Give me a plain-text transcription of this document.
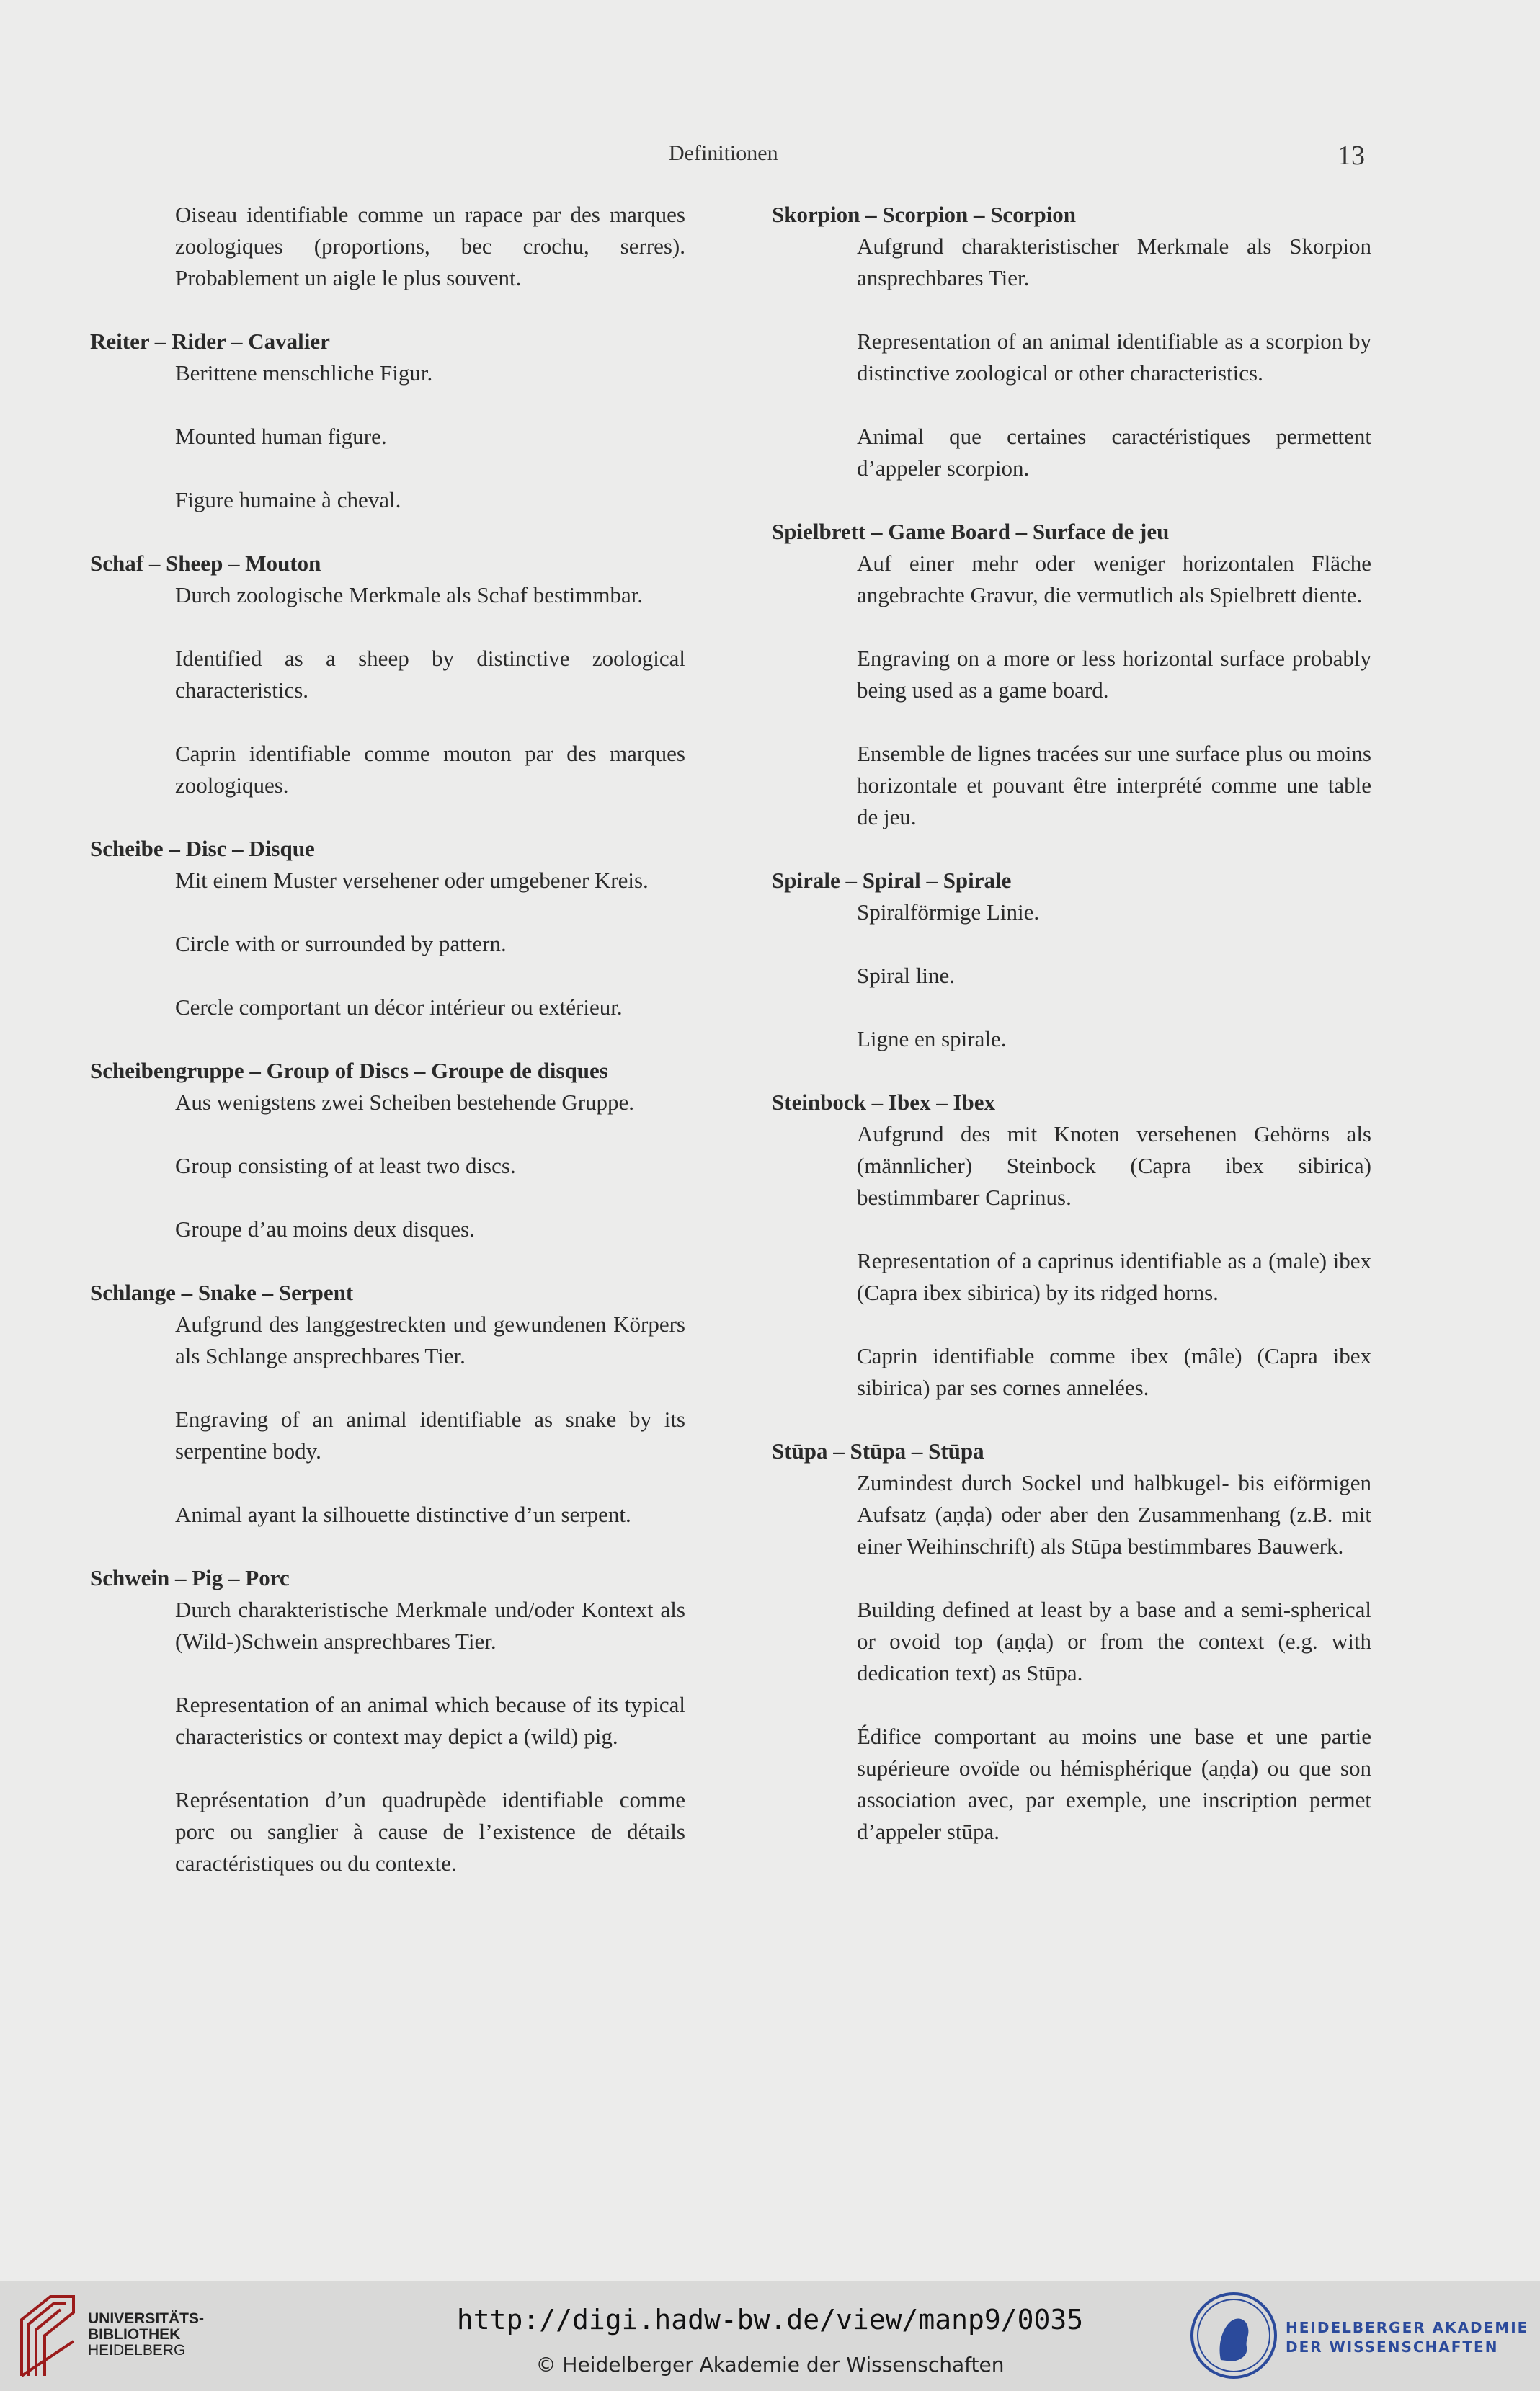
Definitionen	13
Oiseau identifiable comme un rapace par des marques zoologiques (proportions, bec crochu, serres). Probablement un aigle le plus souvent.
Reiter – Rider – Cavalier
Berittene menschliche Figur.
Mounted human figure.
Figure humaine à cheval.
Schaf – Sheep – Mouton
Durch zoologische Merkmale als Schaf bestimmbar.
Identified as a sheep by distinctive zoological characteristics.
Caprin identifiable comme mouton par des marques zoologiques.
Scheibe – Disc – Disque
Mit einem Muster versehener oder umgebener Kreis.
Circle with or surrounded by pattern.
Cercle comportant un décor intérieur ou extérieur.
Scheibengruppe – Group of Discs – Groupe de disques
Aus wenigstens zwei Scheiben bestehende Gruppe.
Group consisting of at least two discs.
Groupe d’au moins deux disques.
Schlange – Snake – Serpent
Aufgrund des langgestreckten und gewundenen Körpers als Schlange ansprechbares Tier.
Engraving of an animal identifiable as snake by its serpentine body.
Animal ayant la silhouette distinctive d’un serpent.
Schwein – Pig – Porc
Durch charakteristische Merkmale und/oder Kontext als (Wild-)Schwein ansprechbares Tier.
Representation of an animal which because of its typical characteristics or context may depict a (wild) pig.
Représentation d’un quadrupède identifiable comme porc ou sanglier à cause de l’existence de détails caractéristiques ou du contexte.
Skorpion – Scorpion – Scorpion
Aufgrund charakteristischer Merkmale als Skorpion ansprechbares Tier.
Representation of an animal identifiable as a scorpion by distinctive zoological or other characteristics.
Animal que certaines caractéristiques permettent d’appeler scorpion.
Spielbrett – Game Board – Surface de jeu
Auf einer mehr oder weniger horizontalen Fläche angebrachte Gravur, die vermutlich als Spielbrett diente.
Engraving on a more or less horizontal surface probably being used as a game board.
Ensemble de lignes tracées sur une surface plus ou moins horizontale et pouvant être interprété comme une table de jeu.
Spirale – Spiral – Spirale
Spiralförmige Linie.
Spiral line.
Ligne en spirale.
Steinbock – Ibex – Ibex
Aufgrund des mit Knoten versehenen Gehörns als (männlicher) Steinbock (Capra ibex sibirica) bestimmbarer Caprinus.
Representation of a caprinus identifiable as a (male) ibex (Capra ibex sibirica) by its ridged horns.
Caprin identifiable comme ibex (mâle) (Capra ibex sibirica) par ses cornes annelées.
Stūpa – Stūpa – Stūpa
Zumindest durch Sockel und halbkugel- bis eiförmigen Aufsatz (aṇḍa) oder aber den Zusammenhang (z.B. mit einer Weihinschrift) als Stūpa bestimmbares Bauwerk.
Building defined at least by a base and a semi-spherical or ovoid top (aṇḍa) or from the context (e.g. with dedication text) as Stūpa.
Édifice comportant au moins une base et une partie supérieure ovoïde ou hémisphérique (aṇḍa) ou que son association avec, par exemple, une inscription permet d’appeler stūpa.
UNIVERSITÄTS-
BIBLIOTHEK
HEIDELBERG
http://digi.hadw-bw.de/view/manp9/0035
© Heidelberger Akademie der Wissenschaften
HEIDELBERGER AKADEMIE
DER WISSENSCHAFTEN
